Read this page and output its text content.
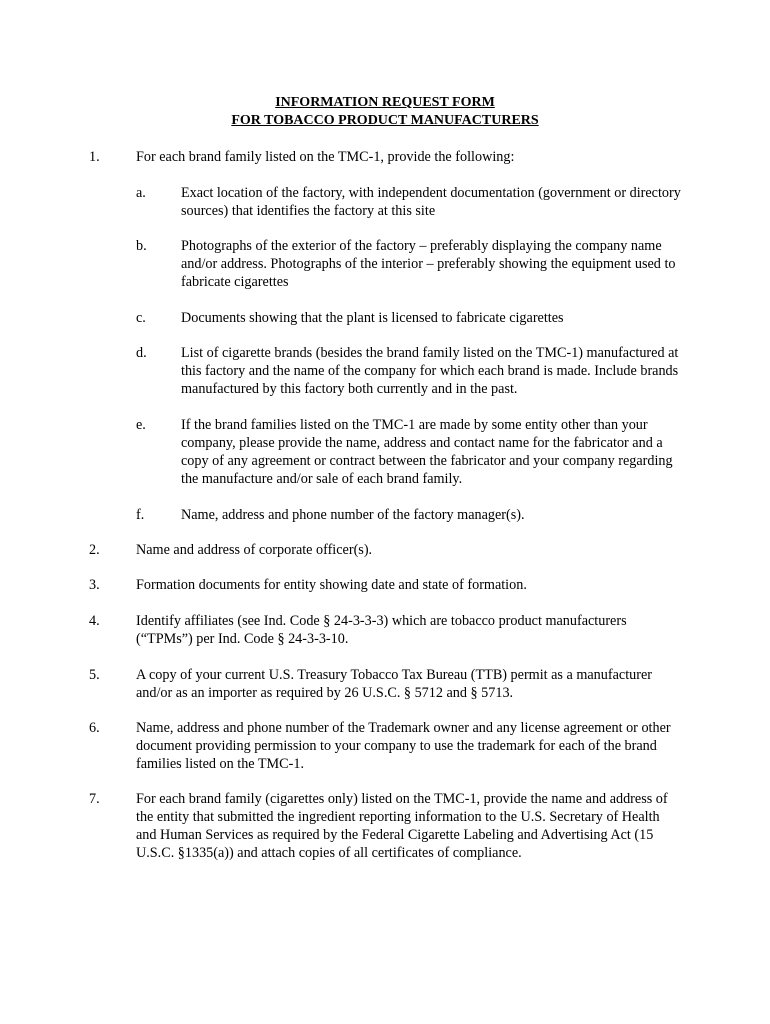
INFORMATION REQUEST FORM
FOR TOBACCO PRODUCT MANUFACTURERS
1.	For each brand family listed on the TMC-1, provide the following:
a. Exact location of the factory, with independent documentation (government or directory sources) that identifies the factory at this site
b. Photographs of the exterior of the factory – preferably displaying the company name and/or address. Photographs of the interior – preferably showing the equipment used to fabricate cigarettes
c. Documents showing that the plant is licensed to fabricate cigarettes
d. List of cigarette brands (besides the brand family listed on the TMC-1) manufactured at this factory and the name of the company for which each brand is made. Include brands manufactured by this factory both currently and in the past.
e. If the brand families listed on the TMC-1 are made by some entity other than your company, please provide the name, address and contact name for the fabricator and a copy of any agreement or contract between the fabricator and your company regarding the manufacture and/or sale of each brand family.
f.	Name, address and phone number of the factory manager(s).
2.	Name and address of corporate officer(s).
3.	Formation documents for entity showing date and state of formation.
4.	Identify affiliates (see Ind. Code § 24-3-3-3) which are tobacco product manufacturers (“TPMs”) per Ind. Code § 24-3-3-10.
5.	A copy of your current U.S. Treasury Tobacco Tax Bureau (TTB) permit as a manufacturer and/or as an importer as required by 26 U.S.C. § 5712 and § 5713.
6.	Name, address and phone number of the Trademark owner and any license agreement or other document providing permission to your company to use the trademark for each of the brand families listed on the TMC-1.
7.	For each brand family (cigarettes only) listed on the TMC-1, provide the name and address of the entity that submitted the ingredient reporting information to the U.S. Secretary of Health and Human Services as required by the Federal Cigarette Labeling and Advertising Act (15 U.S.C. §1335(a)) and attach copies of all certificates of compliance.
